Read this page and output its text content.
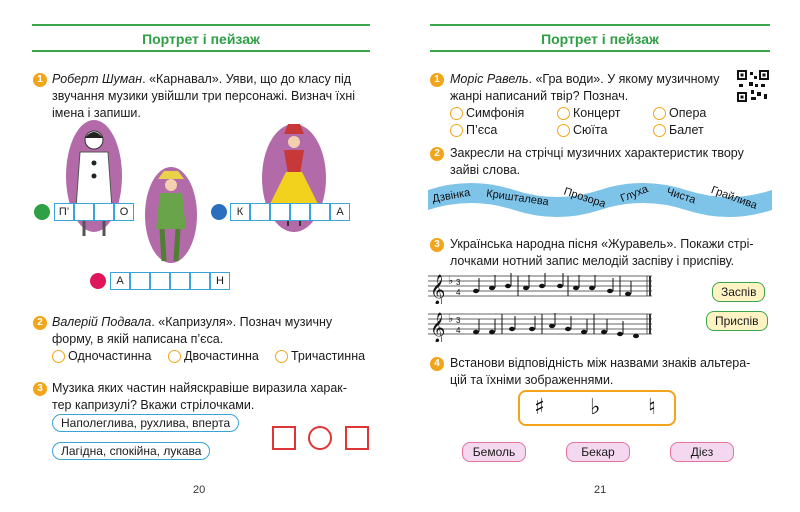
Портрет і пейзаж
1 Роберт Шуман. «Карнавал». Уяви, що до класу під
звучання музики увійшли три персонажі. Визнач їхні
імена і запиши.
П’	О	К	А
А	Н
2 Валерій Подвала. «Капризуля». Познач музичну
форму, в якій написана п’єса.
Одночастинна	Двочастинна	Тричастинна
3 Музика яких частин найяскравіше виразила харак-
тер капризулі? Вкажи стрілочками.
Наполеглива, рухлива, вперта
Лагідна, спокійна, лукава
20
Портрет і пейзаж
1 Моріс Равель. «Гра води». У якому музичному
жанрі написаний твір? Познач.
Симфонія	Концерт	Опера
П’єса	Сюїта	Балет
2 Закресли на стрічці музичних характеристик твору
зайві слова.
Дзвінка Кришталева Прозора Глуха Чиста Грайлива
3 Українська народна пісня «Журавель». Покажи стрі-
лочками нотний запис мелодій заспіву і приспіву.
𝄞 ♭ 3
4
𝄞 ♭ 3
4
Заспів
Приспів
4 Встанови відповідність між назвами знаків альтера-
цій та їхніми зображеннями.
♯ ♭ ♮
Бемоль	Бекар	Дієз
21
